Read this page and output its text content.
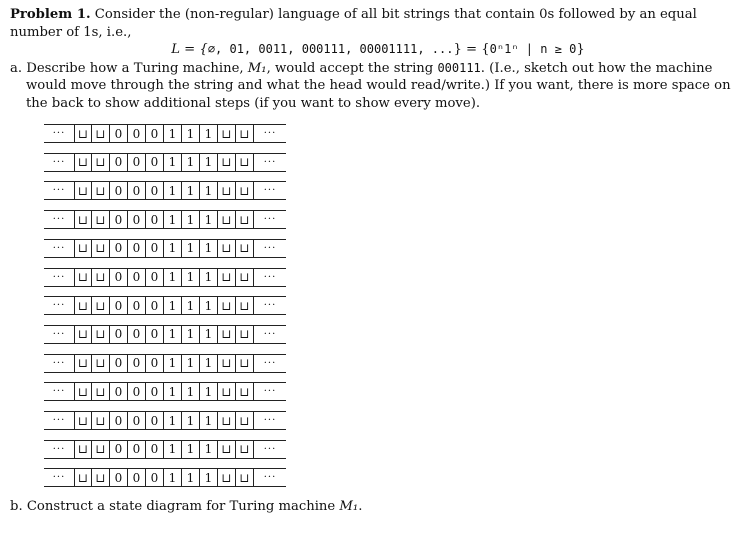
Problem 1. Consider the (non-regular) language of all bit strings that contain 0s followed by an equal number of 1s, i.e.,

L = {∅, 01, 0011, 000111, 00001111, ...} = {0ⁿ1ⁿ | n ≥ 0}

a. Describe how a Turing machine, M₁, would accept the string 000111. (I.e., sketch out how the machine would move through the string and what the head would read/write.) If you want, there is more space on the back to show additional steps (if you want to show every move).

···	⊔ ⊔ 0 0 0 1 1 1 ⊔ ⊔	···
···	⊔ ⊔ 0 0 0 1 1 1 ⊔ ⊔	···
···	⊔ ⊔ 0 0 0 1 1 1 ⊔ ⊔	···
···	⊔ ⊔ 0 0 0 1 1 1 ⊔ ⊔	···
···	⊔ ⊔ 0 0 0 1 1 1 ⊔ ⊔	···
···	⊔ ⊔ 0 0 0 1 1 1 ⊔ ⊔	···
···	⊔ ⊔ 0 0 0 1 1 1 ⊔ ⊔	···
···	⊔ ⊔ 0 0 0 1 1 1 ⊔ ⊔	···
···	⊔ ⊔ 0 0 0 1 1 1 ⊔ ⊔	···
···	⊔ ⊔ 0 0 0 1 1 1 ⊔ ⊔	···
···	⊔ ⊔ 0 0 0 1 1 1 ⊔ ⊔	···
···	⊔ ⊔ 0 0 0 1 1 1 ⊔ ⊔	···
···	⊔ ⊔ 0 0 0 1 1 1 ⊔ ⊔	···
b. Construct a state diagram for Turing machine M₁.
